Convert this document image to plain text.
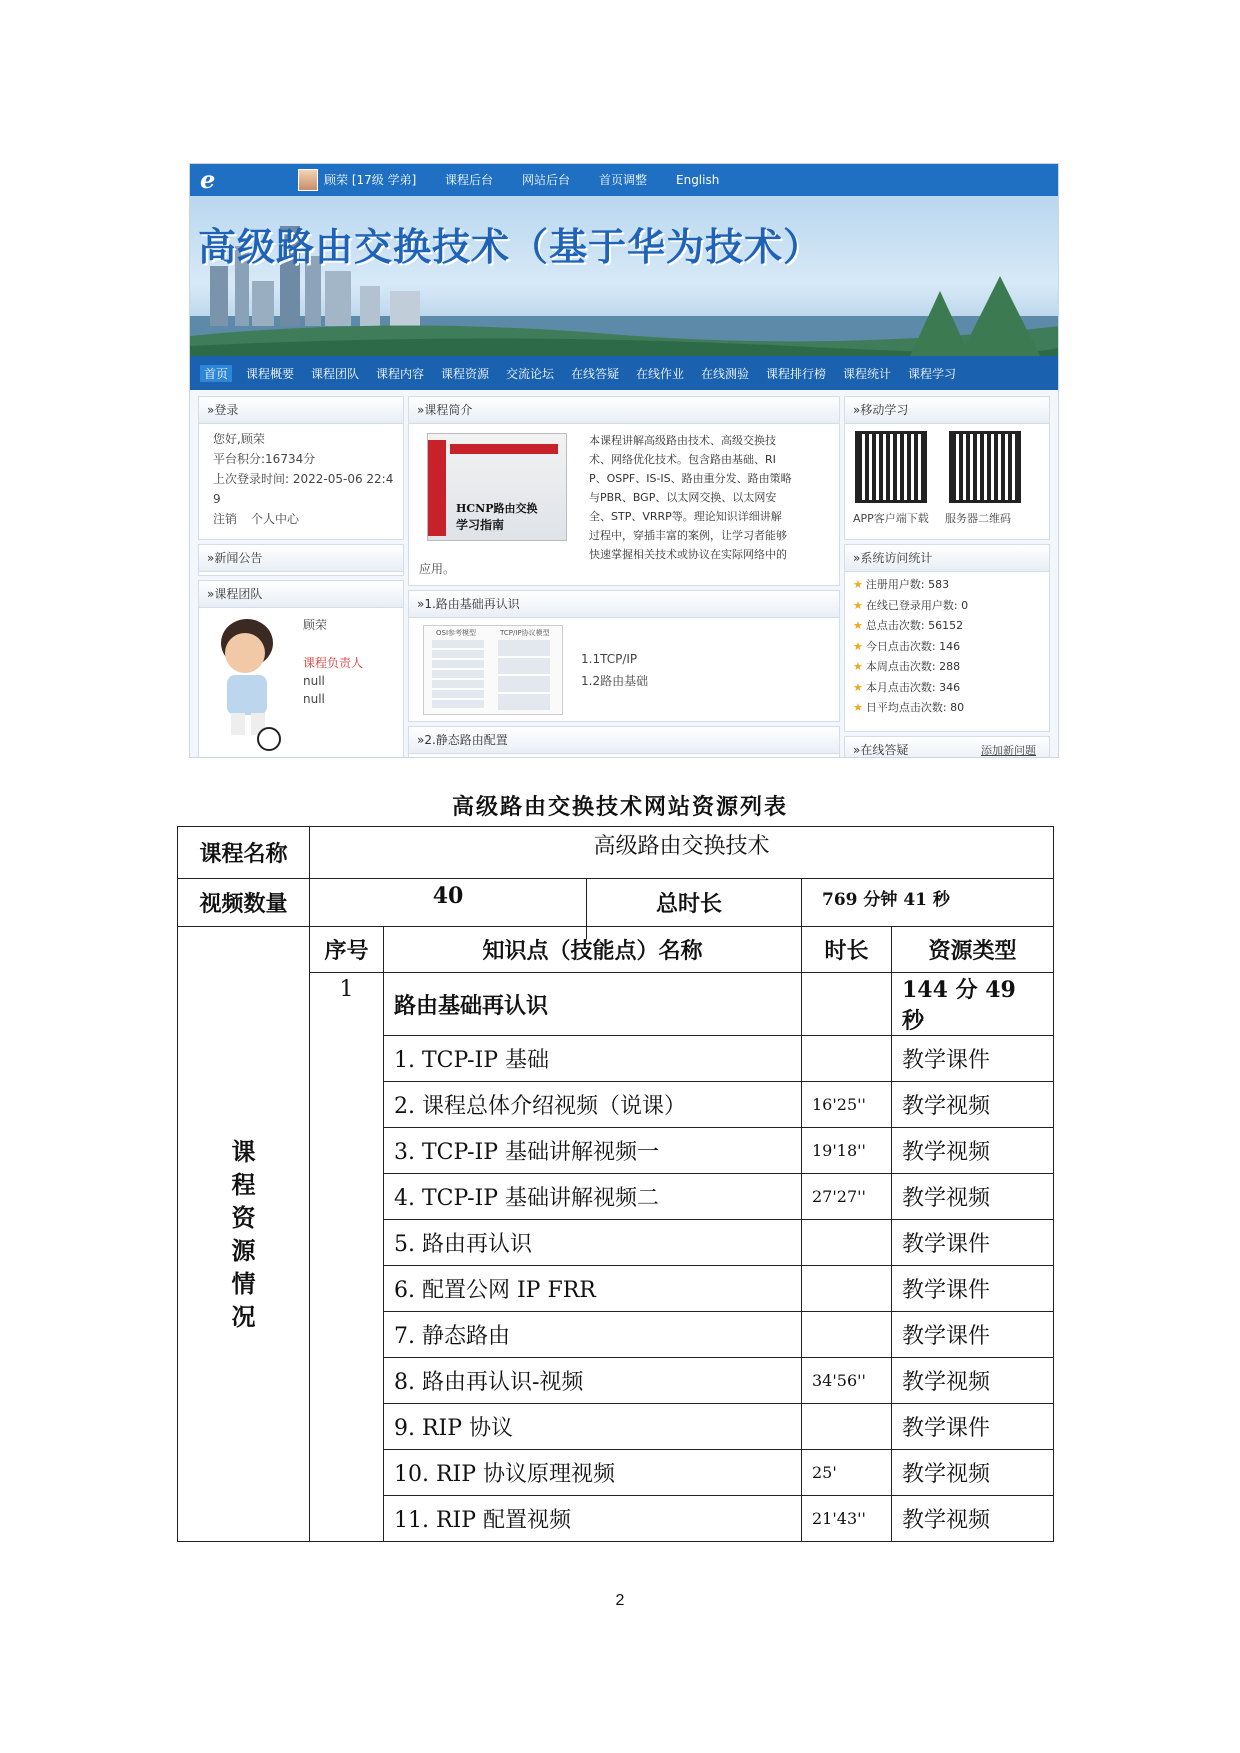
e	顾荣 [17级 学弟] 课程后台 网站后台 首页调整 English
高级路由交换技术（基于华为技术）
首页	课程概要 课程团队 课程内容 课程资源 交流论坛 在线答疑 在线作业 在线测验 课程排行榜 课程统计 课程学习
»登录
您好,顾荣
平台积分:16734分
上次登录时间: 2022-05-06 22:4
9
注销 个人中心
»新闻公告
»课程团队
顾荣
课程负责人
null
null
»课程简介
HCNP路由交换
学习指南
本课程讲解高级路由技术、高级交换技
术、网络优化技术。包含路由基础、RI
P、OSPF、IS-IS、路由重分发、路由策略
与PBR、BGP、以太网交换、以太网安
全、STP、VRRP等。理论知识详细讲解
过程中，穿插丰富的案例，让学习者能够
快速掌握相关技术或协议在实际网络中的
应用。
»1.路由基础再认识
OSI参考模型	TCP/IP协议模型
1.1TCP/IP
1.2路由基础
»2.静态路由配置
»移动学习
APP客户端下载 服务器二维码
»系统访问统计
★ 注册用户数: 583
★ 在线已登录用户数: 0
★ 总点击次数: 56152
★ 今日点击次数: 146
★ 本周点击次数: 288
★ 本月点击次数: 346
★ 日平均点击次数: 80
»在线答疑	添加新问题
高级路由交换技术网站资源列表
课程名称	高级路由交换技术			
视频数量	40 总时长		769 分钟 41 秒	

课程资源情况	序号	知识点（技能点）名称	时长	资源类型
	1	路由基础再认识		144 分 49 秒
		1. TCP-IP 基础		教学课件
		2. 课程总体介绍视频（说课）	16'25''	教学视频
		3. TCP-IP 基础讲解视频一	19'18''	教学视频
		4. TCP-IP 基础讲解视频二	27'27''	教学视频
		5. 路由再认识		教学课件
		6. 配置公网 IP FRR		教学课件
		7. 静态路由		教学课件
		8. 路由再认识-视频	34'56''	教学视频
		9. RIP 协议		教学课件
		10. RIP 协议原理视频	25'	教学视频
		11. RIP 配置视频	21'43''	教学视频
2
